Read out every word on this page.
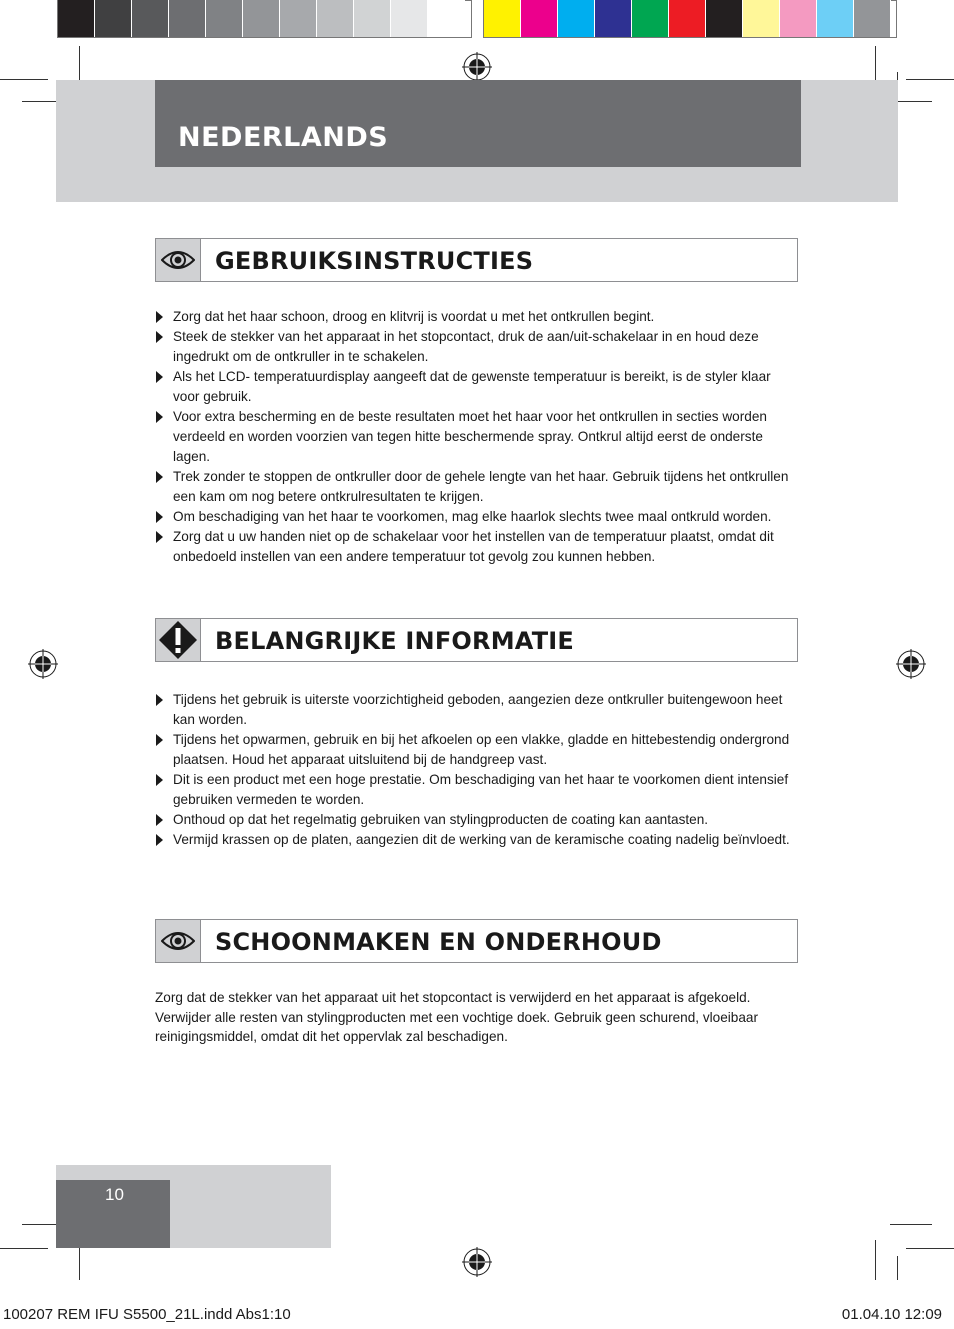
NEDERLANDS
GEBRUIKSINSTRUCTIES
Zorg dat het haar schoon, droog en klitvrij is voordat u met het ontkrullen begint.
Steek de stekker van het apparaat in het stopcontact, druk de aan/uit-schakelaar in en houd deze ingedrukt om de ontkruller in te schakelen.
Als het LCD- temperatuurdisplay aangeeft dat de gewenste temperatuur is bereikt, is de styler klaar voor gebruik.
Voor extra bescherming en de beste resultaten moet het haar voor het ontkrullen in secties worden verdeeld en worden voorzien van tegen hitte beschermende spray. Ontkrul altijd eerst de onderste lagen.
Trek zonder te stoppen de ontkruller door de gehele lengte van het haar. Gebruik tijdens het ontkrullen een kam om nog betere ontkrulresultaten te krijgen.
Om beschadiging van het haar te voorkomen, mag elke haarlok slechts twee maal ontkruld worden.
Zorg dat u uw handen niet op de schakelaar voor het instellen van de temperatuur plaatst, omdat dit onbedoeld instellen van een andere temperatuur tot gevolg zou kunnen hebben.
BELANGRIJKE INFORMATIE
Tijdens het gebruik is uiterste voorzichtigheid geboden, aangezien deze ontkruller buitengewoon heet kan worden.
Tijdens het opwarmen, gebruik en bij het afkoelen op een vlakke, gladde en hittebestendig ondergrond plaatsen. Houd het apparaat uitsluitend bij de handgreep vast.
Dit is een product met een hoge prestatie. Om beschadiging van het haar te voorkomen dient intensief gebruiken vermeden te worden.
Onthoud op dat het regelmatig gebruiken van stylingproducten de coating kan aantasten.
Vermijd krassen op de platen, aangezien dit de werking van de keramische coating nadelig beïnvloedt.
SCHOONMAKEN EN ONDERHOUD

Zorg dat de stekker van het apparaat uit het stopcontact is verwijderd en het apparaat is afgekoeld. Verwijder alle resten van stylingproducten met een vochtige doek. Gebruik geen schurend, vloeibaar reinigingsmiddel, omdat dit het oppervlak zal beschadigen.

10
100207 REM IFU S5500_21L.indd Abs1:10	01.04.10 12:09
